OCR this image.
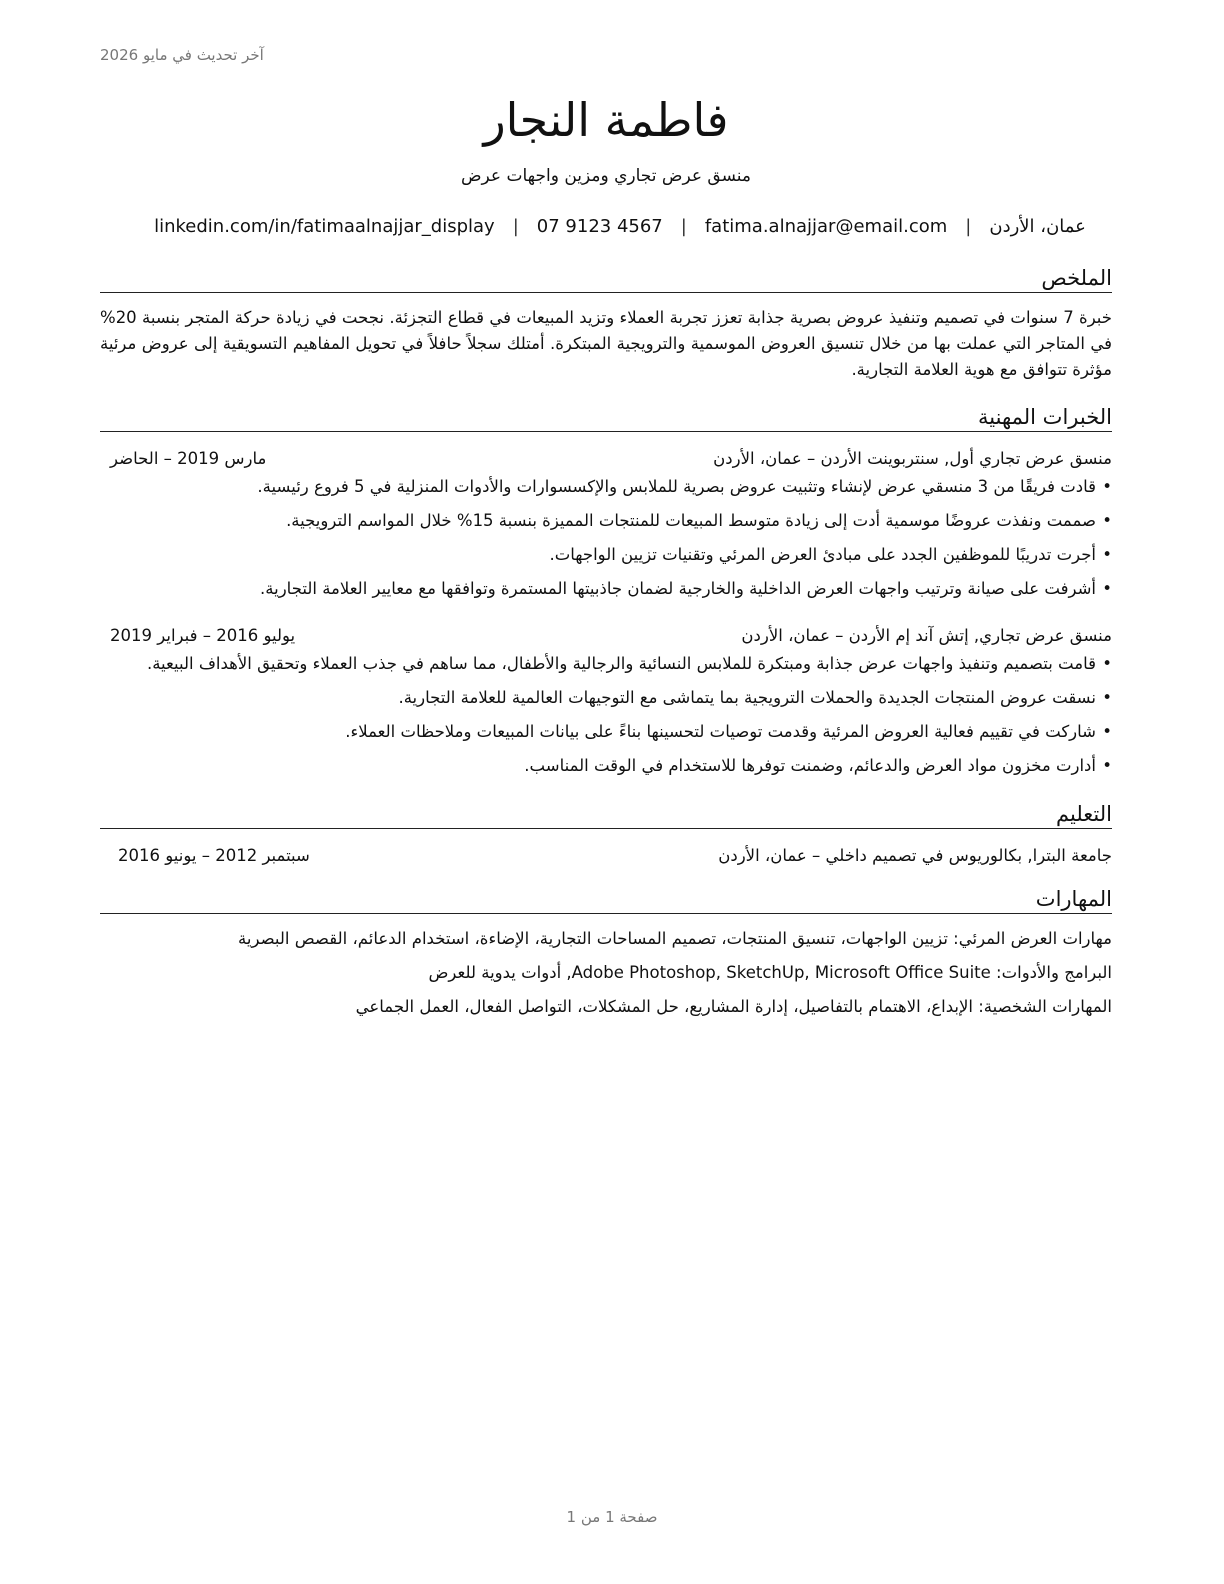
آخر تحديث في مايو 2026
فاطمة النجار
منسق عرض تجاري ومزين واجهات عرض
عمان، الأردن
|
fatima.alnajjar@email.com
|
07 9123 4567
|
linkedin.com/in/fatimaalnajjar_display
الملخص

خبرة 7 سنوات في تصميم وتنفيذ عروض بصرية جذابة تعزز تجربة العملاء وتزيد المبيعات في قطاع التجزئة. نجحت في زيادة حركة المتجر بنسبة 20% في المتاجر التي عملت بها من خلال تنسيق العروض الموسمية والترويجية المبتكرة. أمتلك سجلاً حافلاً في تحويل المفاهيم التسويقية إلى عروض مرئية مؤثرة تتوافق مع هوية العلامة التجارية.

الخبرات المهنية
منسق عرض تجاري أول, سنتربوينت الأردن – عمان، الأردن
مارس 2019 – الحاضر
•
قادت فريقًا من 3 منسقي عرض لإنشاء وتثبيت عروض بصرية للملابس والإكسسوارات والأدوات المنزلية في 5 فروع رئيسية.
•
صممت ونفذت عروضًا موسمية أدت إلى زيادة متوسط المبيعات للمنتجات المميزة بنسبة 15% خلال المواسم الترويجية.
•
أجرت تدريبًا للموظفين الجدد على مبادئ العرض المرئي وتقنيات تزيين الواجهات.
•
أشرفت على صيانة وترتيب واجهات العرض الداخلية والخارجية لضمان جاذبيتها المستمرة وتوافقها مع معايير العلامة التجارية.
منسق عرض تجاري, إتش آند إم الأردن – عمان، الأردن
يوليو 2016 – فبراير 2019
•
قامت بتصميم وتنفيذ واجهات عرض جذابة ومبتكرة للملابس النسائية والرجالية والأطفال، مما ساهم في جذب العملاء وتحقيق الأهداف البيعية.
•
نسقت عروض المنتجات الجديدة والحملات الترويجية بما يتماشى مع التوجيهات العالمية للعلامة التجارية.
•
شاركت في تقييم فعالية العروض المرئية وقدمت توصيات لتحسينها بناءً على بيانات المبيعات وملاحظات العملاء.
•
أدارت مخزون مواد العرض والدعائم، وضمنت توفرها للاستخدام في الوقت المناسب.
التعليم
جامعة البترا, بكالوريوس في تصميم داخلي – عمان، الأردن
سبتمبر 2012 – يونيو 2016
المهارات
مهارات العرض المرئي: تزيين الواجهات، تنسيق المنتجات، تصميم المساحات التجارية، الإضاءة، استخدام الدعائم، القصص البصرية
البرامج والأدوات: Adobe Photoshop, SketchUp, Microsoft Office Suite, أدوات يدوية للعرض
المهارات الشخصية: الإبداع، الاهتمام بالتفاصيل، إدارة المشاريع، حل المشكلات، التواصل الفعال، العمل الجماعي
صفحة 1 من 1
